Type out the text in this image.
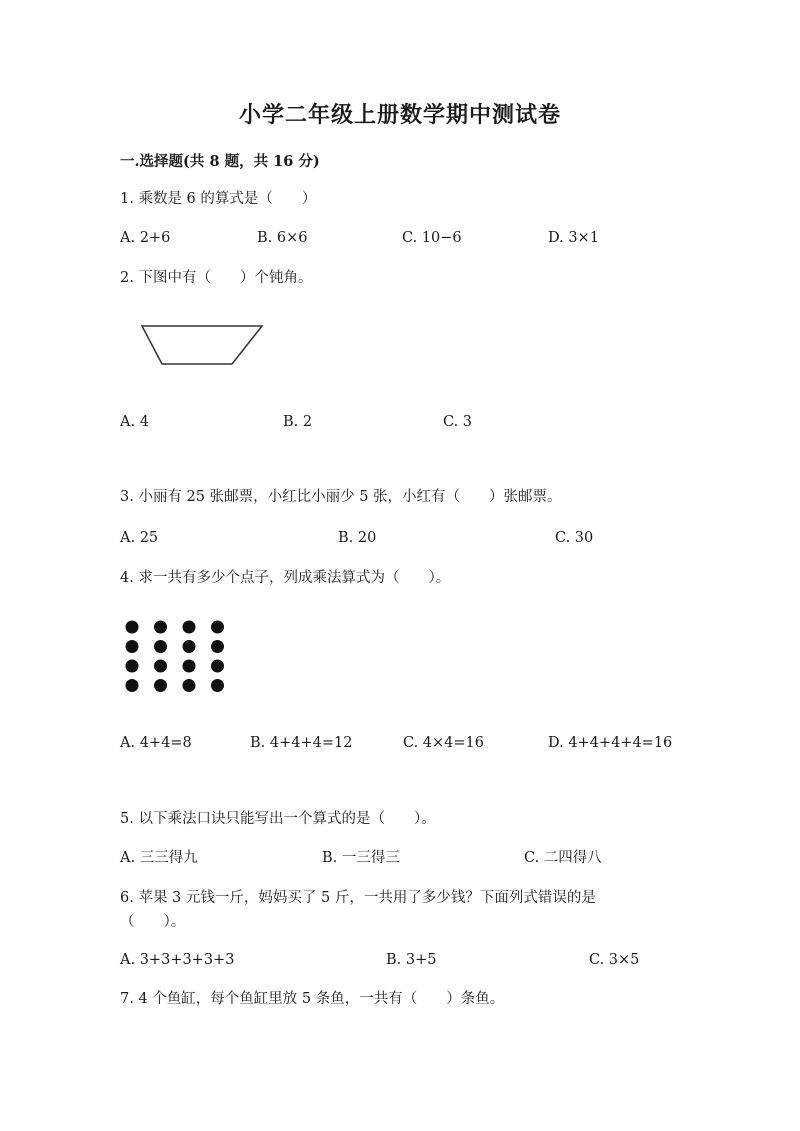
小学二年级上册数学期中测试卷
一.选择题(共 8 题，共 16 分)
1. 乘数是 6 的算式是（　　）
A. 2+6	B. 6×6	C. 10−6	D. 3×1
2. 下图中有（　　）个钝角。
A. 4	B. 2	C. 3
3. 小丽有 25 张邮票，小红比小丽少 5 张，小红有（　　）张邮票。
A. 25	B. 20	C. 30
4. 求一共有多少个点子，列成乘法算式为（　　）。
A. 4+4=8	B. 4+4+4=12	C. 4×4=16	D. 4+4+4+4=16
5. 以下乘法口诀只能写出一个算式的是（　　）。
A. 三三得九	B. 一三得三	C. 二四得八
6. 苹果 3 元钱一斤，妈妈买了 5 斤，一共用了多少钱？下面列式错误的是（　　）。
A. 3+3+3+3+3	B. 3+5	C. 3×5
7. 4 个鱼缸，每个鱼缸里放 5 条鱼，一共有（　　）条鱼。
